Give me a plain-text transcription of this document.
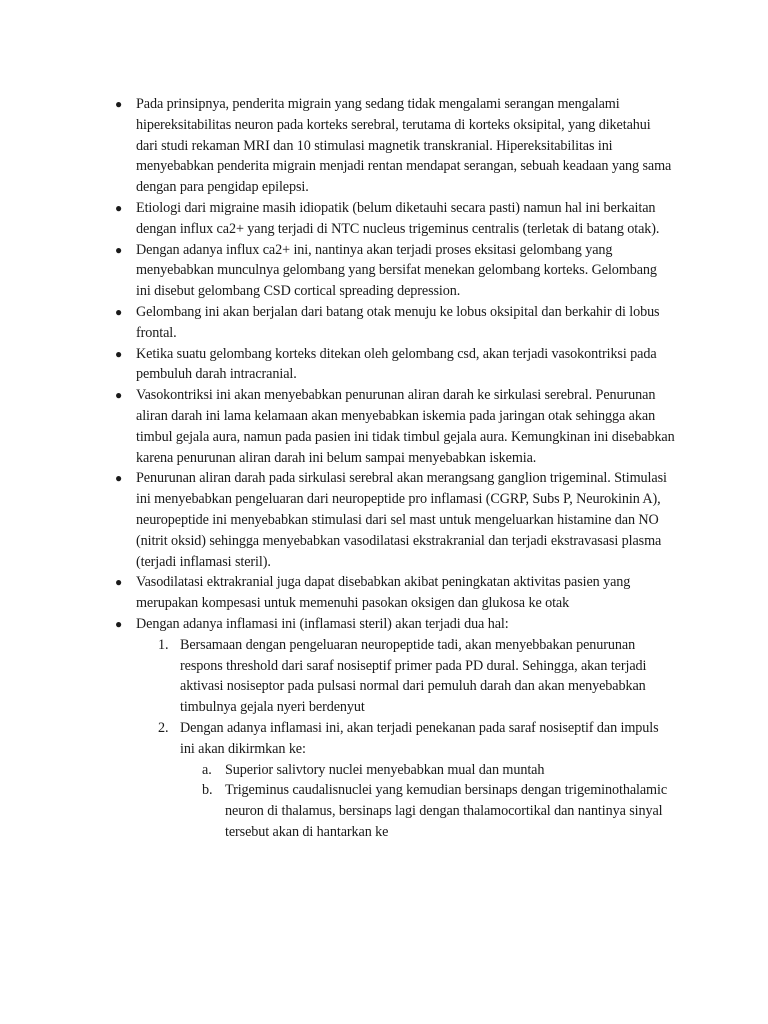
● Pada prinsipnya, penderita migrain yang sedang tidak mengalami serangan mengalami hipereksitabilitas neuron pada korteks serebral, terutama di korteks oksipital, yang diketahui dari studi rekaman MRI dan 10 stimulasi magnetik transkranial. Hipereksitabilitas ini menyebabkan penderita migrain menjadi rentan mendapat serangan, sebuah keadaan yang sama dengan para pengidap epilepsi.
● Etiologi dari migraine masih idiopatik (belum diketauhi secara pasti) namun hal ini berkaitan dengan influx ca2+ yang terjadi di NTC nucleus trigeminus centralis (terletak di batang otak).
● Dengan adanya influx ca2+ ini, nantinya akan terjadi proses eksitasi gelombang yang menyebabkan munculnya gelombang yang bersifat menekan gelombang korteks. Gelombang ini disebut gelombang CSD cortical spreading depression.
● Gelombang ini akan berjalan dari batang otak menuju ke lobus oksipital dan berkahir di lobus frontal.
● Ketika suatu gelombang korteks ditekan oleh gelombang csd, akan terjadi vasokontriksi pada pembuluh darah intracranial.
● Vasokontriksi ini akan menyebabkan penurunan aliran darah ke sirkulasi serebral. Penurunan aliran darah ini lama kelamaan akan menyebabkan iskemia pada jaringan otak sehingga akan timbul gejala aura, namun pada pasien ini tidak timbul gejala aura. Kemungkinan ini disebabkan karena penurunan aliran darah ini belum sampai menyebabkan iskemia.
● Penurunan aliran darah pada sirkulasi serebral akan merangsang ganglion trigeminal. Stimulasi ini menyebabkan pengeluaran dari neuropeptide pro inflamasi (CGRP, Subs P, Neurokinin A), neuropeptide ini menyebabkan stimulasi dari sel mast untuk mengeluarkan histamine dan NO (nitrit oksid) sehingga menyebabkan vasodilatasi ekstrakranial dan terjadi ekstravasasi plasma (terjadi inflamasi steril).
● Vasodilatasi ektrakranial juga dapat disebabkan akibat peningkatan aktivitas pasien yang merupakan kompesasi untuk memenuhi pasokan oksigen dan glukosa ke otak
● Dengan adanya inflamasi ini (inflamasi steril) akan terjadi dua hal:
1. Bersamaan dengan pengeluaran neuropeptide tadi, akan menyebbakan penurunan respons threshold dari saraf nosiseptif primer pada PD dural. Sehingga, akan terjadi aktivasi nosiseptor pada pulsasi normal dari pemuluh darah dan akan menyebabkan timbulnya gejala nyeri berdenyut
2. Dengan adanya inflamasi ini, akan terjadi penekanan pada saraf nosiseptif dan impuls ini akan dikirmkan ke:
a. Superior salivtory nuclei menyebabkan mual dan muntah
b. Trigeminus caudalisnuclei yang kemudian bersinaps dengan trigeminothalamic neuron di thalamus, bersinaps lagi dengan thalamocortikal dan nantinya sinyal tersebut akan di hantarkan ke
